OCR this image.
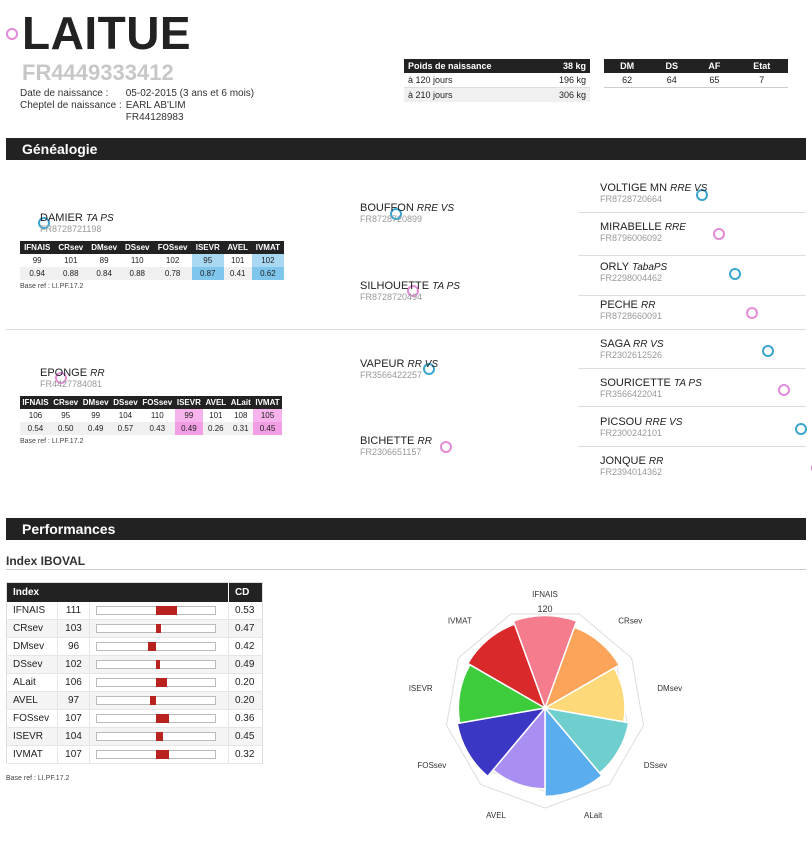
LAITUE
FR4449333412
Date de naissance :	05-02-2015 (3 ans et 6 mois)
Cheptel de naissance :	EARL AB'LIM
	FR44128983
Poids de naissance	38 kg
à 120 jours	196 kg
à 210 jours	306 kg
DM	DS	AF	Etat
62	64	65	7
Généalogie

DAMIER TA PS
FR8728721198
IFNAIS	CRsev	DMsev	DSsev	FOSsev	ISEVR	AVEL	IVMAT
99	101	89	110	102	95	101	102
0.94	0.88	0.84	0.88	0.78	0.87	0.41	0.62
Base ref : LI.PF.17.2

EPONGE RR
FR4427784081
IFNAIS	CRsev	DMsev	DSsev	FOSsev	ISEVR	AVEL	ALait	IVMAT
106	95	99	104	110	99	101	108	105
0.54	0.50	0.49	0.57	0.43	0.49	0.26	0.31	0.45
Base ref : LI.PF.17.2

BOUFFON RRE VS
FR8728720899

SILHOUETTE TA PS
FR8728720494

VAPEUR RR VS
FR3566422257

BICHETTE RR
FR2306651157

VOLTIGE MN RRE VS
FR8728720664

MIRABELLE RRE
FR8796006092

ORLY TabaPS
FR2298004462

PECHE RR
FR8728660091

SAGA RR VS
FR2302612526

SOURICETTE TA PS
FR3566422041

PICSOU RRE VS
FR2300242101
JONQUE RR
FR2394014362
Performances
Index IBOVAL
Index			CD
IFNAIS	111		0.53
CRsev	103		0.47
DMsev	96		0.42
DSsev	102		0.49
ALait	106		0.20
AVEL	97		0.20
FOSsev	107		0.36
ISEVR	104		0.45
IVMAT	107		0.32
Base ref : LI.PF.17.2
120
IFNAIS
CRsev
DMsev
DSsev
ALait
AVEL
FOSsev
ISEVR
IVMAT
